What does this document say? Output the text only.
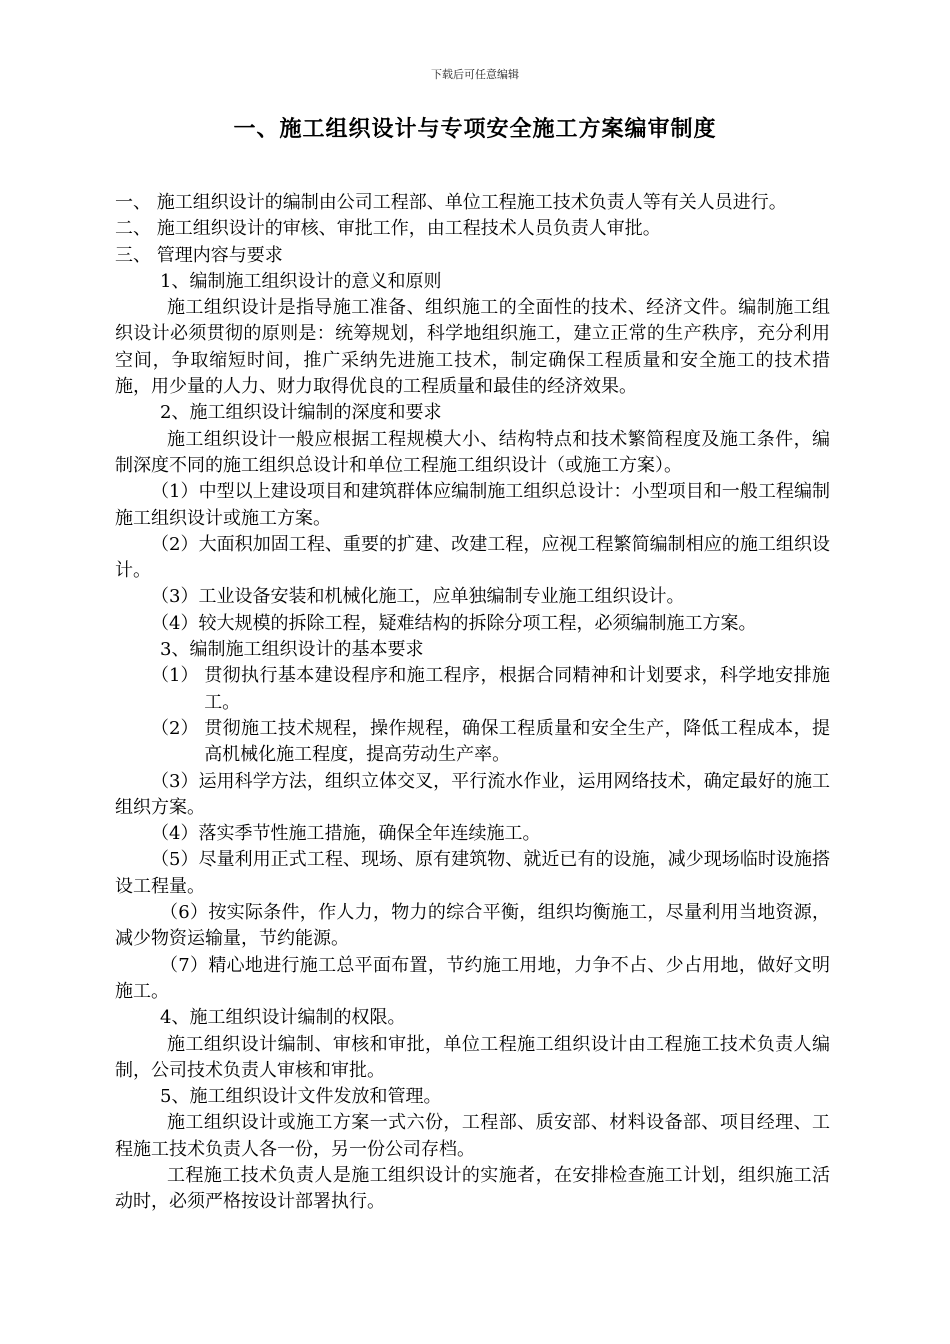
下载后可任意编辑
一、施工组织设计与专项安全施工方案编审制度
一、 施工组织设计的编制由公司工程部、单位工程施工技术负责人等有关人员进行。
二、 施工组织设计的审核、审批工作，由工程技术人员负责人审批。
三、 管理内容与要求
1、编制施工组织设计的意义和原则
施工组织设计是指导施工准备、组织施工的全面性的技术、经济文件。编制施工组织设计必须贯彻的原则是：统筹规划，科学地组织施工，建立正常的生产秩序，充分利用空间，争取缩短时间，推广采纳先进施工技术，制定确保工程质量和安全施工的技术措施，用少量的人力、财力取得优良的工程质量和最佳的经济效果。
2、施工组织设计编制的深度和要求
施工组织设计一般应根据工程规模大小、结构特点和技术繁简程度及施工条件，编制深度不同的施工组织总设计和单位工程施工组织设计（或施工方案）。
（1）中型以上建设项目和建筑群体应编制施工组织总设计：小型项目和一般工程编制施工组织设计或施工方案。
（2）大面积加固工程、重要的扩建、改建工程，应视工程繁简编制相应的施工组织设计。
（3）工业设备安装和机械化施工，应单独编制专业施工组织设计。
（4）较大规模的拆除工程，疑难结构的拆除分项工程，必须编制施工方案。
3、编制施工组织设计的基本要求
（1） 贯彻执行基本建设程序和施工程序，根据合同精神和计划要求，科学地安排施工。
（2） 贯彻施工技术规程，操作规程，确保工程质量和安全生产，降低工程成本，提高机械化施工程度，提高劳动生产率。
（3）运用科学方法，组织立体交叉，平行流水作业，运用网络技术，确定最好的施工组织方案。
（4）落实季节性施工措施，确保全年连续施工。
（5）尽量利用正式工程、现场、原有建筑物、就近已有的设施，减少现场临时设施搭设工程量。
（6）按实际条件，作人力，物力的综合平衡，组织均衡施工，尽量利用当地资源，减少物资运输量，节约能源。
（7）精心地进行施工总平面布置，节约施工用地，力争不占、少占用地，做好文明施工。
4、施工组织设计编制的权限。
施工组织设计编制、审核和审批，单位工程施工组织设计由工程施工技术负责人编制，公司技术负责人审核和审批。
5、施工组织设计文件发放和管理。
施工组织设计或施工方案一式六份，工程部、质安部、材料设备部、项目经理、工程施工技术负责人各一份，另一份公司存档。
工程施工技术负责人是施工组织设计的实施者，在安排检查施工计划，组织施工活动时，必须严格按设计部署执行。
